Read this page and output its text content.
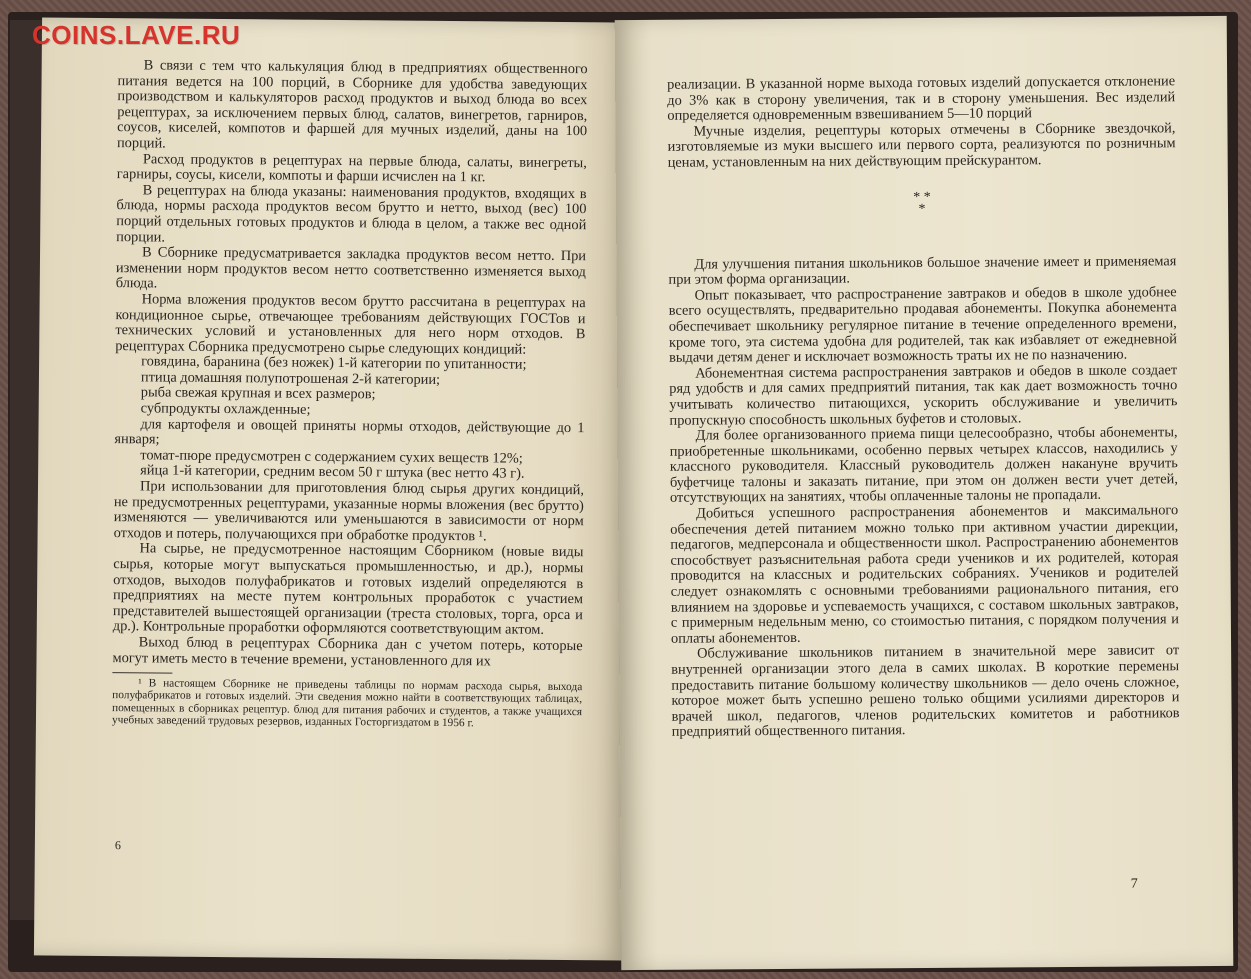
COINS.LAVE.RU

В связи с тем что калькуляция блюд в предприятиях общественного питания ведется на 100 порций, в Сборнике для удобства заведующих производством и калькуляторов расход продуктов и выход блюда во всех рецептурах, за исключением первых блюд, салатов, винегретов, гарниров, соусов, киселей, компотов и фаршей для мучных изделий, даны на 100 порций.

Расход продуктов в рецептурах на первые блюда, салаты, винегреты, гарниры, соусы, кисели, компоты и фарши исчислен на 1 кг.

В рецептурах на блюда указаны: наименования продуктов, входящих в блюда, нормы расхода продуктов весом брутто и нетто, выход (вес) 100 порций отдельных готовых продуктов и блюда в целом, а также вес одной порции.

В Сборнике предусматривается закладка продуктов весом нетто. При изменении норм продуктов весом нетто соответственно изменяется выход блюда.

Норма вложения продуктов весом брутто рассчитана в рецептурах на кондиционное сырье, отвечающее требованиям действующих ГОСТов и технических условий и установленных для него норм отходов. В рецептурах Сборника предусмотрено сырье следующих кондиций:

говядина, баранина (без ножек) 1-й категории по упитанности;

птица домашняя полупотрошеная 2-й категории;

рыба свежая крупная и всех размеров;

субпродукты охлажденные;

для картофеля и овощей приняты нормы отходов, действующие до 1 января;

томат-пюре предусмотрен с содержанием сухих веществ 12%;

яйца 1-й категории, средним весом 50 г штука (вес нетто 43 г).

При использовании для приготовления блюд сырья других кондиций, не предусмотренных рецептурами, указанные нормы вложения (вес брутто) изменяются — увеличиваются или уменьшаются в зависимости от норм отходов и потерь, получающихся при обработке продуктов ¹.

На сырье, не предусмотренное настоящим Сборником (новые виды сырья, которые могут выпускаться промышленностью, и др.), нормы отходов, выходов полуфабрикатов и готовых изделий определяются в предприятиях на месте путем контрольных проработок с участием представителей вышестоящей организации (треста столовых, торга, орса и др.). Контрольные проработки оформляются соответствующим актом.

Выход блюд в рецептурах Сборника дан с учетом потерь, которые могут иметь место в течение времени, установленного для их

¹ В настоящем Сборнике не приведены таблицы по нормам расхода сырья, выхода полуфабрикатов и готовых изделий. Эти сведения можно найти в соответствующих таблицах, помещенных в сборниках рецептур. блюд для питания рабочих и студентов, а также учащихся учебных заведений трудовых резервов, изданных Госторгиздатом в 1956 г.

6

реализации. В указанной норме выхода готовых изделий допускается отклонение до 3% как в сторону увеличения, так и в сторону уменьшения. Вес изделий определяется одновременным взвешиванием 5—10 порций

Мучные изделия, рецептуры которых отмечены в Сборнике звездочкой, изготовляемые из муки высшего или первого сорта, реализуются по розничным ценам, установленным на них действующим прейскурантом.

* *
*

Для улучшения питания школьников большое значение имеет и применяемая при этом форма организации.

Опыт показывает, что распространение завтраков и обедов в школе удобнее всего осуществлять, предварительно продавая абонементы. Покупка абонемента обеспечивает школьнику регулярное питание в течение определенного времени, кроме того, эта система удобна для родителей, так как избавляет от ежедневной выдачи детям денег и исключает возможность траты их не по назначению.

Абонементная система распространения завтраков и обедов в школе создает ряд удобств и для самих предприятий питания, так как дает возможность точно учитывать количество питающихся, ускорить обслуживание и увеличить пропускную способность школьных буфетов и столовых.

Для более организованного приема пищи целесообразно, чтобы абонементы, приобретенные школьниками, особенно первых четырех классов, находились у классного руководителя. Классный руководитель должен накануне вручить буфетчице талоны и заказать питание, при этом он должен вести учет детей, отсутствующих на занятиях, чтобы оплаченные талоны не пропадали.

Добиться успешного распространения абонементов и максимального обеспечения детей питанием можно только при активном участии дирекции, педагогов, медперсонала и общественности школ. Распространению абонементов способствует разъяснительная работа среди учеников и их родителей, которая проводится на классных и родительских собраниях. Учеников и родителей следует ознакомлять с основными требованиями рационального питания, его влиянием на здоровье и успеваемость учащихся, с составом школьных завтраков, с примерным недельным меню, со стоимостью питания, с порядком получения и оплаты абонементов.

Обслуживание школьников питанием в значительной мере зависит от внутренней организации этого дела в самих школах. В короткие перемены предоставить питание большому количеству школьников — дело очень сложное, которое может быть успешно решено только общими усилиями директоров и врачей школ, педагогов, членов родительских комитетов и работников предприятий общественного питания.

7
